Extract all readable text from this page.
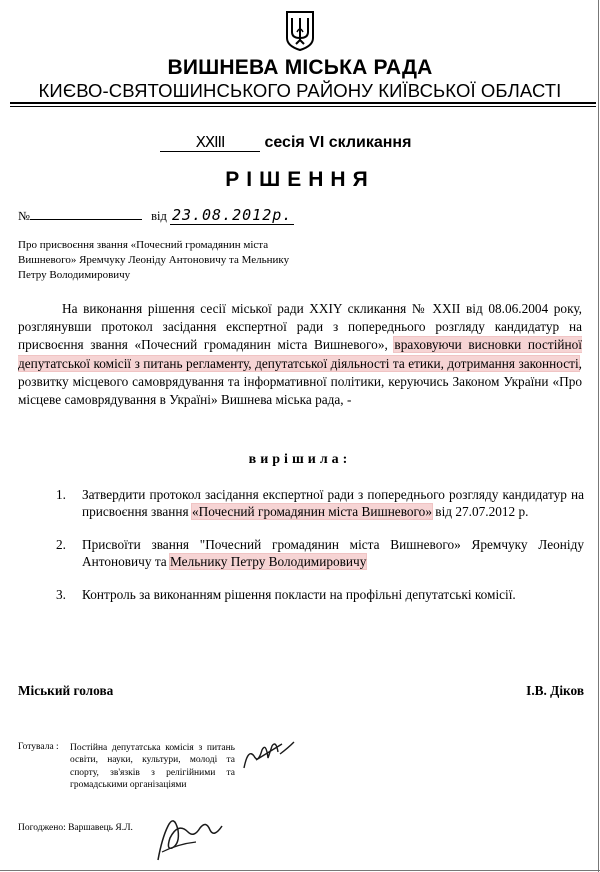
ВИШНЕВА МІСЬКА РАДА
КИЄВО-СВЯТОШИНСЬКОГО РАЙОНУ КИЇВСЬКОЇ ОБЛАСТІ
XXIII	сесія VI скликання
РІШЕННЯ
№	від 23.08.2012р.
Про присвоєння звання «Почесний громадянин міста Вишневого» Яремчуку Леоніду Антоновичу та Мельнику Петру Володимировичу
На виконання рішення сесії міської ради XXIY скликання № XXII від 08.06.2004 року, розглянувши протокол засідання експертної ради з попереднього розгляду кандидатур на присвоєння звання «Почесний громадянин міста Вишневого», враховуючи висновки постійної депутатської комісії з питань регламенту, депутатської діяльності та етики, дотримання законності, розвитку місцевого самоврядування та інформативної політики, керуючись Законом України «Про місцеве самоврядування в Україні» Вишнева міська рада, -
вирішила:
1. Затвердити протокол засідання експертної ради з попереднього розгляду кандидатур на присвоєння звання «Почесний громадянин міста Вишневого» від 27.07.2012 р.
2. Присвоїти звання "Почесний громадянин міста Вишневого» Яремчуку Леоніду Антоновичу та Мельнику Петру Володимировичу
3. Контроль за виконанням рішення покласти на профільні депутатські комісії.
Міський голова	І.В. Діков
Готувала : Постійна депутатська комісія з питань освіти, науки, культури, молоді та спорту, зв'язків з релігійними та громадськими організаціями
Погоджено: Варшавець Я.Л.
